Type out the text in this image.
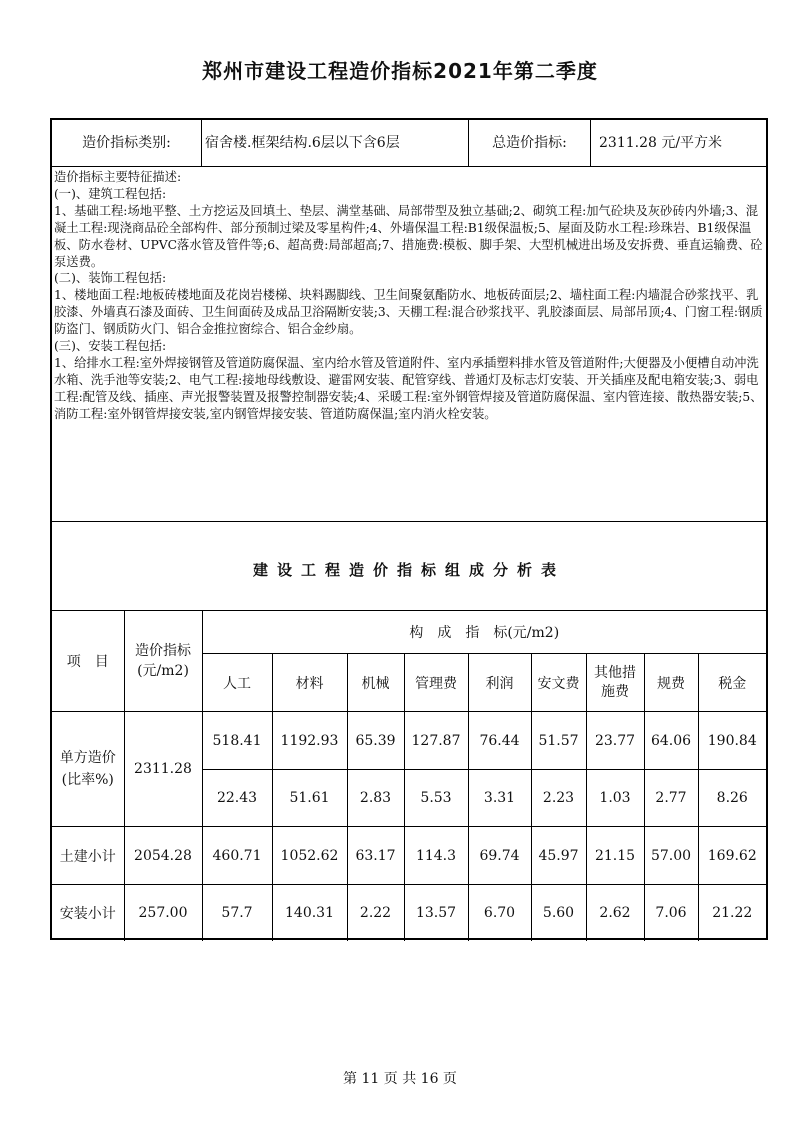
郑州市建设工程造价指标2021年第二季度
造价指标类别:	宿舍楼.框架结构.6层以下含6层	总造价指标:	2311.28 元/平方米

造价指标主要特征描述:

(一)、建筑工程包括:

1、基础工程:场地平整、土方挖运及回填土、垫层、满堂基础、局部带型及独立基础;2、砌筑工程:加气砼块及灰砂砖内外墙;3、混凝土工程:现浇商品砼全部构件、部分预制过梁及零星构件;4、外墙保温工程:B1级保温板;5、屋面及防水工程:珍珠岩、B1级保温板、防水卷材、UPVC落水管及管件等;6、超高费:局部超高;7、措施费:模板、脚手架、大型机械进出场及安拆费、垂直运输费、砼泵送费。

(二)、装饰工程包括:

1、楼地面工程:地板砖楼地面及花岗岩楼梯、块料踢脚线、卫生间聚氨酯防水、地板砖面层;2、墙柱面工程:内墙混合砂浆找平、乳胶漆、外墙真石漆及面砖、卫生间面砖及成品卫浴隔断安装;3、天棚工程:混合砂浆找平、乳胶漆面层、局部吊顶;4、门窗工程:钢质防盗门、钢质防火门、铝合金推拉窗综合、铝合金纱扇。

(三)、安装工程包括:

1、给排水工程:室外焊接钢管及管道防腐保温、室内给水管及管道附件、室内承插塑料排水管及管道附件;大便器及小便槽自动冲洗水箱、洗手池等安装;2、电气工程:接地母线敷设、避雷网安装、配管穿线、普通灯及标志灯安装、开关插座及配电箱安装;3、弱电工程:配管及线、插座、声光报警装置及报警控制器安装;4、采暖工程:室外钢管焊接及管道防腐保温、室内管连接、散热器安装;5、消防工程:室外钢管焊接安装,室内钢管焊接安装、管道防腐保温;室内消火栓安装。

建设工程造价指标组成分析表
项　目	造价指标(元/m2)	构　成　指　标(元/m2)								
		人工	材料	机械	管理费	利润	安文费	其他措施费	规费	税金
单方造价(比率%)	2311.28	518.41	1192.93	65.39	127.87	76.44	51.57	23.77	64.06	190.84
		22.43	51.61	2.83	5.53	3.31	2.23	1.03	2.77	8.26
土建小计	2054.28	460.71	1052.62	63.17	114.3	69.74	45.97	21.15	57.00	169.62
安装小计	257.00	57.7	140.31	2.22	13.57	6.70	5.60	2.62	7.06	21.22
第 11 页 共 16 页
